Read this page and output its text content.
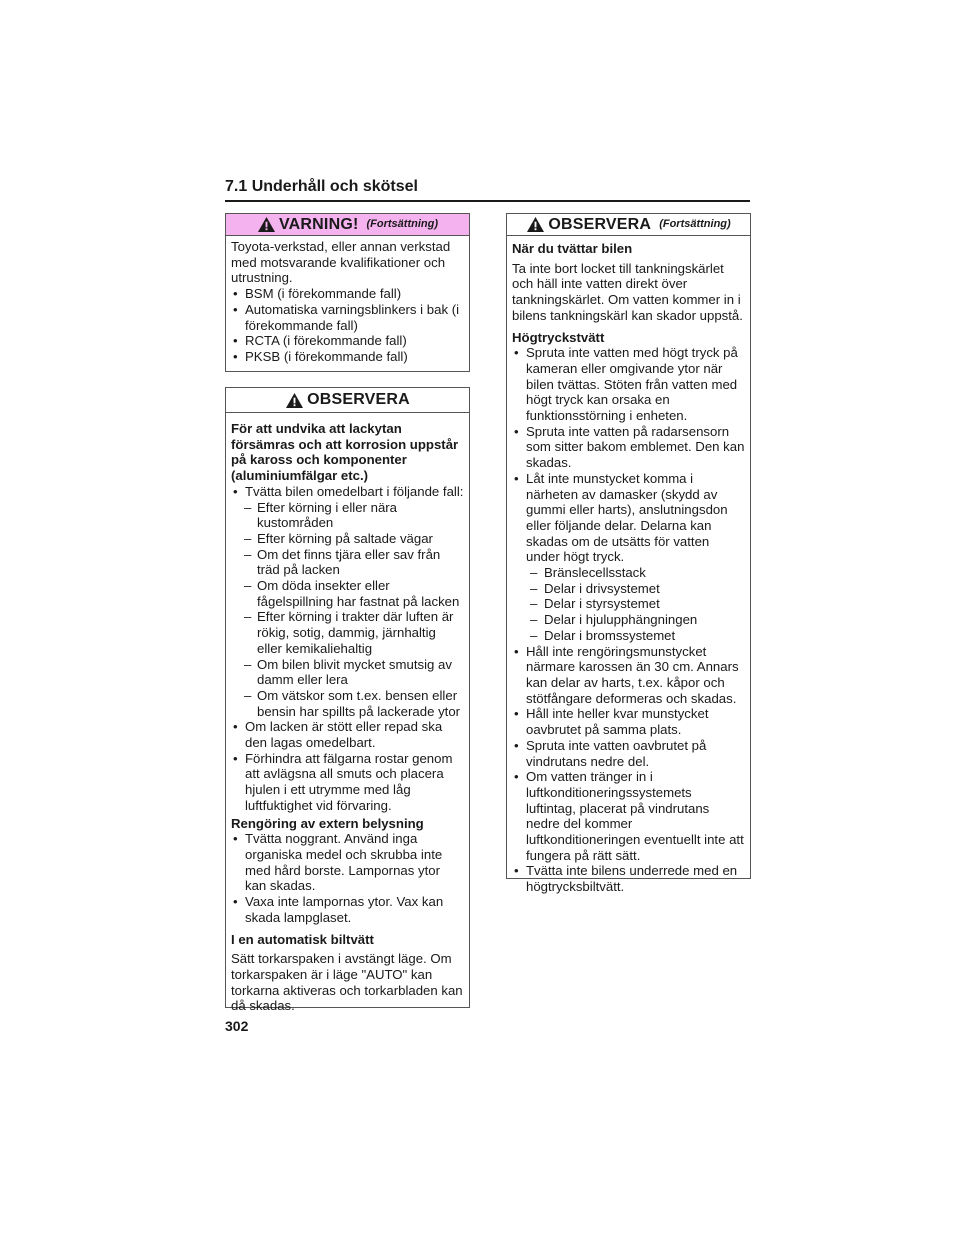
7.1 Underhåll och skötsel
VARNING! (Fortsättning)

Toyota-verkstad, eller annan verkstad med motsvarande kvalifikationer och utrustning.

• BSM (i förekommande fall)
• Automatiska varningsblinkers i bak (i förekommande fall)
• RCTA (i förekommande fall)
• PKSB (i förekommande fall)
OBSERVERA

För att undvika att lackytan försämras och att korrosion uppstår på kaross och komponenter (aluminiumfälgar etc.)

• Tvätta bilen omedelbart i följande fall:
– Efter körning i eller nära kustområden
– Efter körning på saltade vägar
– Om det finns tjära eller sav från träd på lacken
– Om döda insekter eller fågelspillning har fastnat på lacken
– Efter körning i trakter där luften är rökig, sotig, dammig, järnhaltig eller kemikaliehaltig
– Om bilen blivit mycket smutsig av damm eller lera
– Om vätskor som t.ex. bensen eller bensin har spillts på lackerade ytor
• Om lacken är stött eller repad ska den lagas omedelbart.
• Förhindra att fälgarna rostar genom att avlägsna all smuts och placera hjulen i ett utrymme med låg luftfuktighet vid förvaring.

Rengöring av extern belysning

• Tvätta noggrant. Använd inga organiska medel och skrubba inte med hård borste. Lampornas ytor kan skadas.
• Vaxa inte lampornas ytor. Vax kan skada lampglaset.

I en automatisk biltvätt

Sätt torkarspaken i avstängt läge. Om torkarspaken är i läge "AUTO" kan torkarna aktiveras och torkarbladen kan då skadas.

OBSERVERA (Fortsättning)

När du tvättar bilen

Ta inte bort locket till tankningskärlet och häll inte vatten direkt över tankningskärlet. Om vatten kommer in i bilens tankningskärl kan skador uppstå.

Högtryckstvätt

• Spruta inte vatten med högt tryck på kameran eller omgivande ytor när bilen tvättas. Stöten från vatten med högt tryck kan orsaka en funktionsstörning i enheten.
• Spruta inte vatten på radarsensorn som sitter bakom emblemet. Den kan skadas.
• Låt inte munstycket komma i närheten av damasker (skydd av gummi eller harts), anslutningsdon eller följande delar. Delarna kan skadas om de utsätts för vatten under högt tryck.
– Bränslecellsstack
– Delar i drivsystemet
– Delar i styrsystemet
– Delar i hjulupphängningen
– Delar i bromssystemet
• Håll inte rengöringsmunstycket närmare karossen än 30 cm. Annars kan delar av harts, t.ex. kåpor och stötfångare deformeras och skadas.
• Håll inte heller kvar munstycket oavbrutet på samma plats.
• Spruta inte vatten oavbrutet på vindrutans nedre del.
• Om vatten tränger in i luftkonditioneringssystemets luftintag, placerat på vindrutans nedre del kommer luftkonditioneringen eventuellt inte att fungera på rätt sätt.
• Tvätta inte bilens underrede med en högtrycksbiltvätt.
302
